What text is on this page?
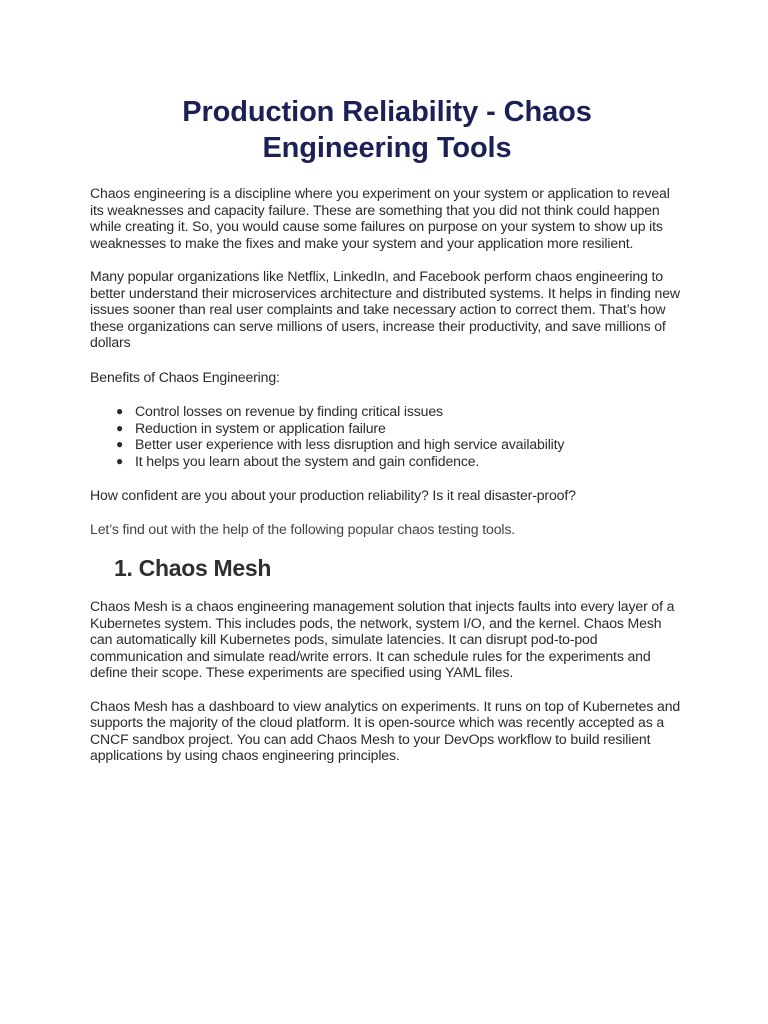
Production Reliability - Chaos
Engineering Tools

Chaos engineering is a discipline where you experiment on your system or application to reveal its weaknesses and capacity failure. These are something that you did not think could happen while creating it. So, you would cause some failures on purpose on your system to show up its weaknesses to make the fixes and make your system and your application more resilient.

Many popular organizations like Netflix, LinkedIn, and Facebook perform chaos engineering to better understand their microservices architecture and distributed systems. It helps in finding new issues sooner than real user complaints and take necessary action to correct them. That’s how these organizations can serve millions of users, increase their productivity, and save millions of dollars

Benefits of Chaos Engineering:

● Control losses on revenue by finding critical issues
● Reduction in system or application failure
● Better user experience with less disruption and high service availability
● It helps you learn about the system and gain confidence.

How confident are you about your production reliability? Is it real disaster-proof?

Let’s find out with the help of the following popular chaos testing tools.

1. Chaos Mesh

Chaos Mesh is a chaos engineering management solution that injects faults into every layer of a Kubernetes system. This includes pods, the network, system I/O, and the kernel. Chaos Mesh can automatically kill Kubernetes pods, simulate latencies. It can disrupt pod-to-pod communication and simulate read/write errors. It can schedule rules for the experiments and define their scope. These experiments are specified using YAML files.

Chaos Mesh has a dashboard to view analytics on experiments. It runs on top of Kubernetes and supports the majority of the cloud platform. It is open-source which was recently accepted as a CNCF sandbox project. You can add Chaos Mesh to your DevOps workflow to build resilient applications by using chaos engineering principles.
